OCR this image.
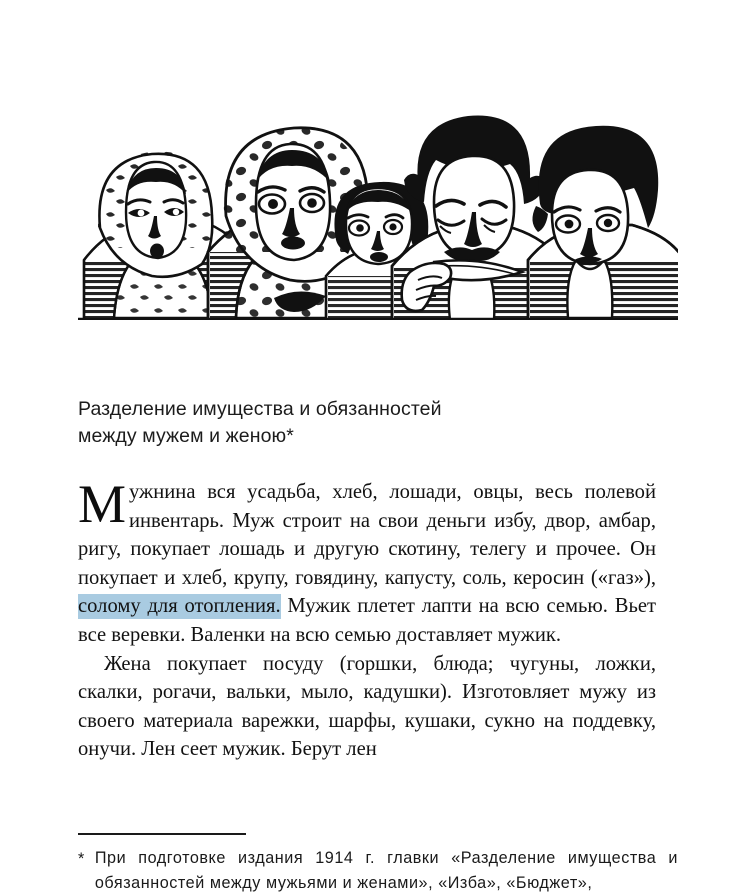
Разделение имущества и обязанностей
между мужем и женою*

Мужнина вся усадьба, хлеб, лошади, овцы, весь полевой инвентарь. Муж строит на свои деньги избу, двор, амбар, ригу, покупает лошадь и другую скотину, телегу и прочее. Он покупает и хлеб, крупу, говядину, капусту, соль, керосин («газ»), солому для отопления. Мужик плетет лапти на всю семью. Вьет все веревки. Валенки на всю семью доставляет мужик.

Жена покупает посуду (горшки, блюда; чугуны, ложки, скалки, рогачи, вальки, мыло, кадушки). Изготовляет мужу из своего материала варежки, шарфы, кушаки, сукно на поддевку, онучи. Лен сеет мужик. Берут лен

* При подготовке издания 1914 г. главки «Разделение имущества и обязанностей между мужьями и женами», «Изба», «Бюджет»,
